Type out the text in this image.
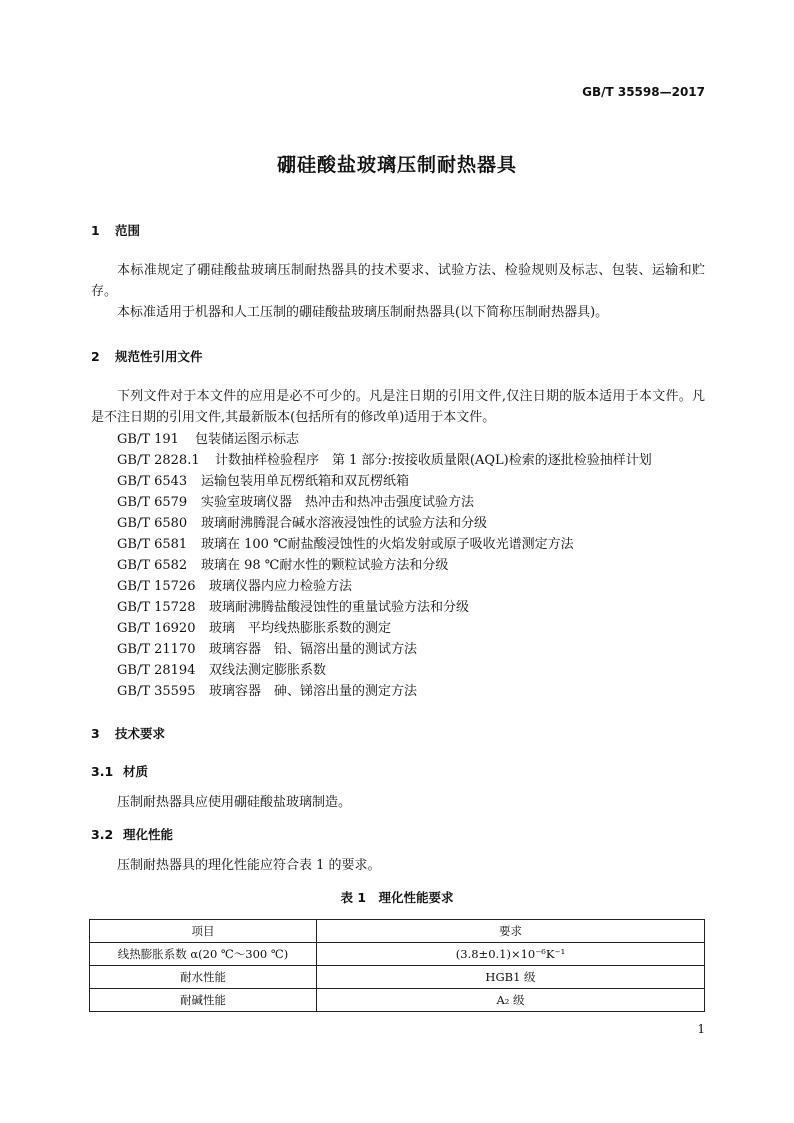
GB/T 35598—2017
硼硅酸盐玻璃压制耐热器具
1 范围
本标准规定了硼硅酸盐玻璃压制耐热器具的技术要求、试验方法、检验规则及标志、包装、运输和贮存。
本标准适用于机器和人工压制的硼硅酸盐玻璃压制耐热器具(以下简称压制耐热器具)。
2 规范性引用文件
下列文件对于本文件的应用是必不可少的。凡是注日期的引用文件,仅注日期的版本适用于本文件。凡是不注日期的引用文件,其最新版本(包括所有的修改单)适用于本文件。
GB/T 191 包装储运图示标志
GB/T 2828.1 计数抽样检验程序　第 1 部分:按接收质量限(AQL)检索的逐批检验抽样计划
GB/T 6543 运输包装用单瓦楞纸箱和双瓦楞纸箱
GB/T 6579 实验室玻璃仪器　热冲击和热冲击强度试验方法
GB/T 6580 玻璃耐沸腾混合碱水溶液浸蚀性的试验方法和分级
GB/T 6581 玻璃在 100 ℃耐盐酸浸蚀性的火焰发射或原子吸收光谱测定方法
GB/T 6582 玻璃在 98 ℃耐水性的颗粒试验方法和分级
GB/T 15726 玻璃仪器内应力检验方法
GB/T 15728 玻璃耐沸腾盐酸浸蚀性的重量试验方法和分级
GB/T 16920 玻璃　平均线热膨胀系数的测定
GB/T 21170 玻璃容器　铅、镉溶出量的测试方法
GB/T 28194 双线法测定膨胀系数
GB/T 35595 玻璃容器　砷、锑溶出量的测定方法
3 技术要求
3.1 材质
压制耐热器具应使用硼硅酸盐玻璃制造。
3.2 理化性能
压制耐热器具的理化性能应符合表 1 的要求。
表 1　理化性能要求
项目	要求
线热膨胀系数 α(20 ℃～300 ℃)	(3.8±0.1)×10⁻⁶K⁻¹
耐水性能	HGB1 级
耐碱性能	A₂ 级
1
